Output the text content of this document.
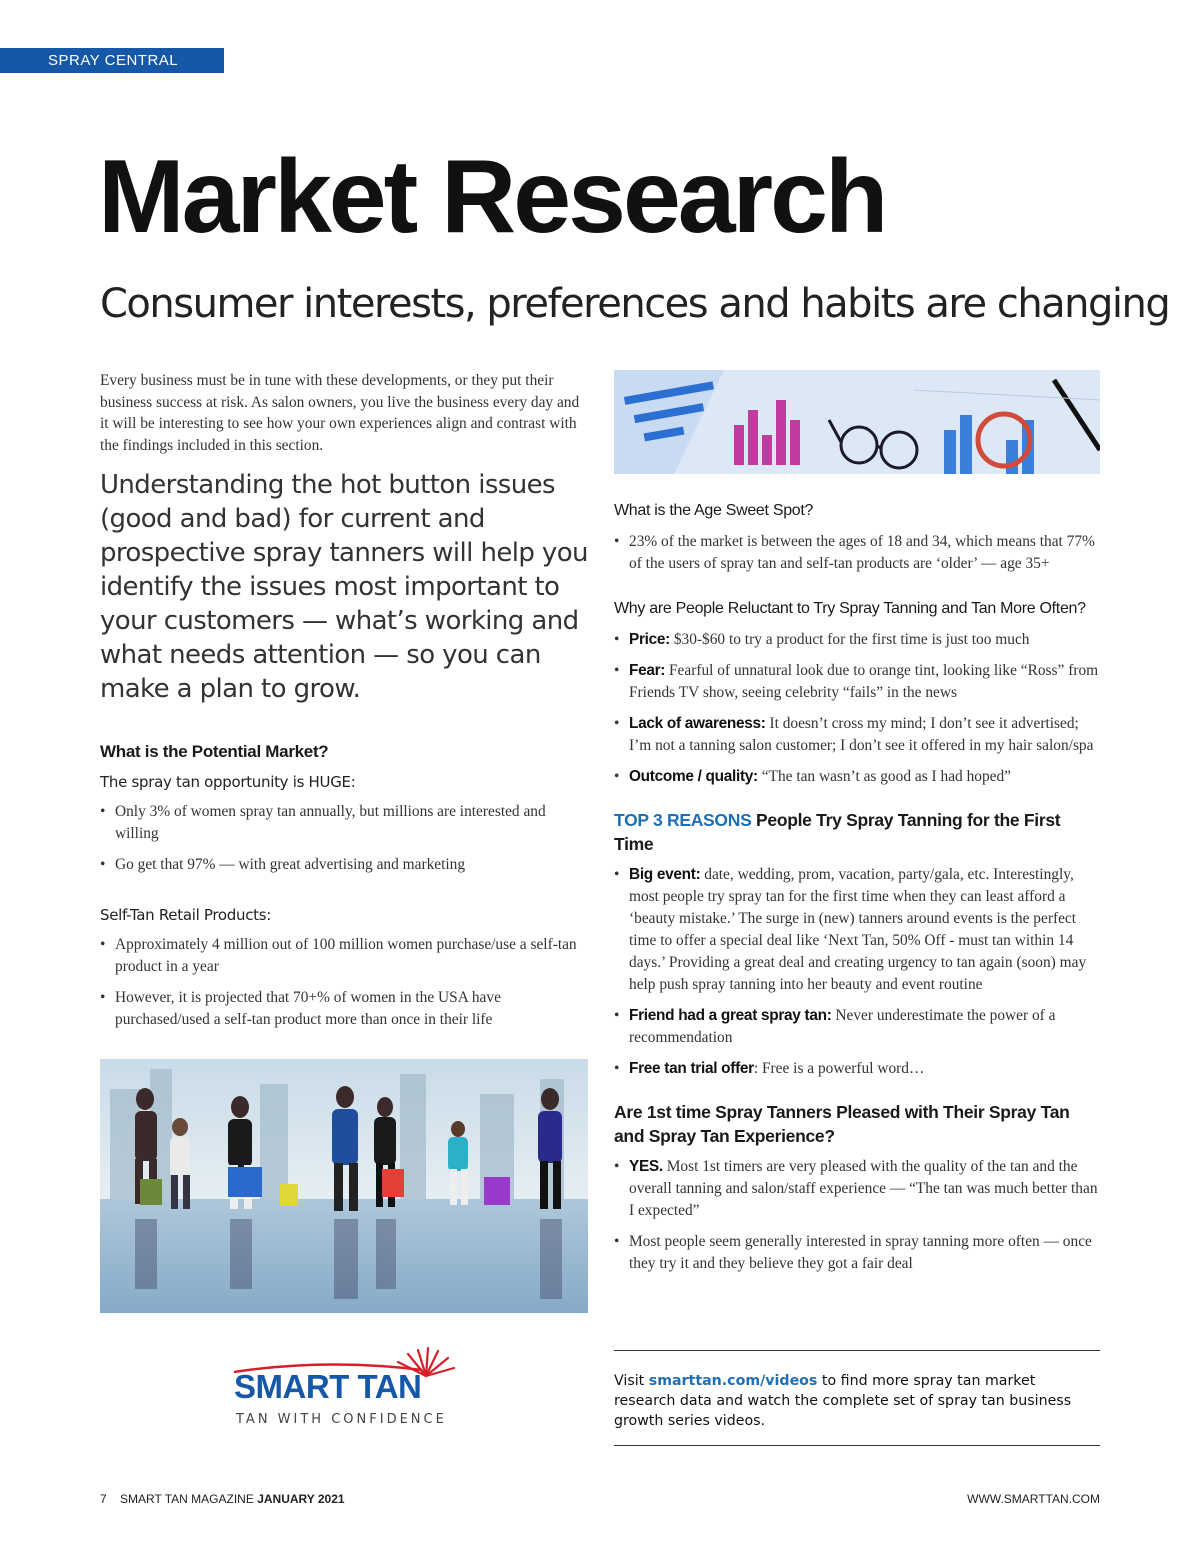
SPRAY CENTRAL
Market Research
Consumer interests, preferences and habits are changing

Every business must be in tune with these developments, or they put their business success at risk. As salon owners, you live the business every day and it will be interesting to see how your own experiences align and contrast with the findings included in this section.

Understanding the hot button issues (good and bad) for current and prospective spray tanners will help you identify the issues most important to your customers — what’s working and what needs attention — so you can make a plan to grow.

What is the Potential Market?

The spray tan opportunity is HUGE:

• Only 3% of women spray tan annually, but millions are interested and willing
• Go get that 97% — with great advertising and marketing

Self-Tan Retail Products:

• Approximately 4 million out of 100 million women purchase/use a self-tan product in a year
• However, it is projected that 70+% of women in the USA have purchased/used a self-tan product more than once in their life
SMART TAN
TAN WITH CONFIDENCE
What is the Age Sweet Spot?
• 23% of the market is between the ages of 18 and 34, which means that 77% of the users of spray tan and self-tan products are ‘older’ — age 35+
Why are People Reluctant to Try Spray Tanning and Tan More Often?
• Price: $30-$60 to try a product for the first time is just too much
• Fear: Fearful of unnatural look due to orange tint, looking like “Ross” from Friends TV show, seeing celebrity “fails” in the news
• Lack of awareness: It doesn’t cross my mind; I don’t see it advertised; I’m not a tanning salon customer; I don’t see it offered in my hair salon/spa
• Outcome / quality: “The tan wasn’t as good as I had hoped”
TOP 3 REASONS People Try Spray Tanning for the First Time
• Big event: date, wedding, prom, vacation, party/gala, etc. Interestingly, most people try spray tan for the first time when they can least afford a ‘beauty mistake.’ The surge in (new) tanners around events is the perfect time to offer a special deal like ‘Next Tan, 50% Off - must tan within 14 days.’ Providing a great deal and creating urgency to tan again (soon) may help push spray tanning into her beauty and event routine
• Friend had a great spray tan: Never underestimate the power of a recommendation
• Free tan trial offer: Free is a powerful word…
Are 1st time Spray Tanners Pleased with Their Spray Tan and Spray Tan Experience?
• YES. Most 1st timers are very pleased with the quality of the tan and the overall tanning and salon/staff experience — “The tan was much better than I expected”
• Most people seem generally interested in spray tanning more often — once they try it and they believe they got a fair deal

Visit smarttan.com/videos to find more spray tan market research data and watch the complete set of spray tan business growth series videos.

7 SMART TAN MAGAZINE JANUARY 2021	WWW.SMARTTAN.COM
